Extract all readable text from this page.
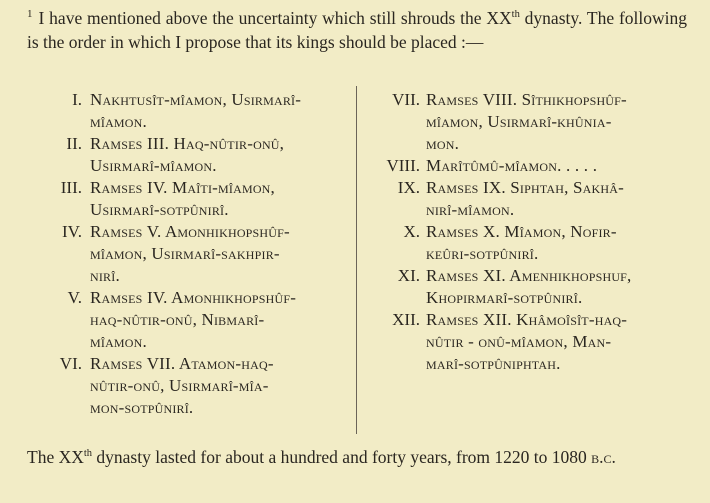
$^1$ I have mentioned above the uncertainty which still shrouds the XXth dynasty. The following is the order in which I propose that its kings should be placed :—
I. Nakhtusît-mîamon, Usirmarî-
mîamon.
II. Ramses III. Haq-nûtir-onû,
Usirmarî-mîamon.
III. Ramses IV. Maîti-mîamon,
Usirmarî-sotpûnirî.
IV. Ramses V. Amonhikhopshûf-
mîamon, Usirmarî-sakhpir-
nirî.
V. Ramses IV. Amonhikhopshûf-
haq-nûtir-onû, Nibmarî-
mîamon.
VI. Ramses VII. Atamon-haq-
nûtir-onû, Usirmarî-mîa-
mon-sotpûnirî.
VII. Ramses VIII. Sîthikhopshûf-
mîamon, Usirmarî-khûnia-
mon.
VIII. Marîtûmû-mîamon. . . . .
IX. Ramses IX. Siphtah, Sakhâ-
nirî-mîamon.
X. Ramses X. Mîamon, Nofir-
keûri-sotpûnirî.
XI. Ramses XI. Amenhikhopshuf,
Khopirmarî-sotpûnirî.
XII. Ramses XII. Khâmoîsît-haq-
nûtir - onû-mîamon, Man-
marî-sotpûniphtah.
The XXth dynasty lasted for about a hundred and forty years, from 1220 to 1080 b.c.
